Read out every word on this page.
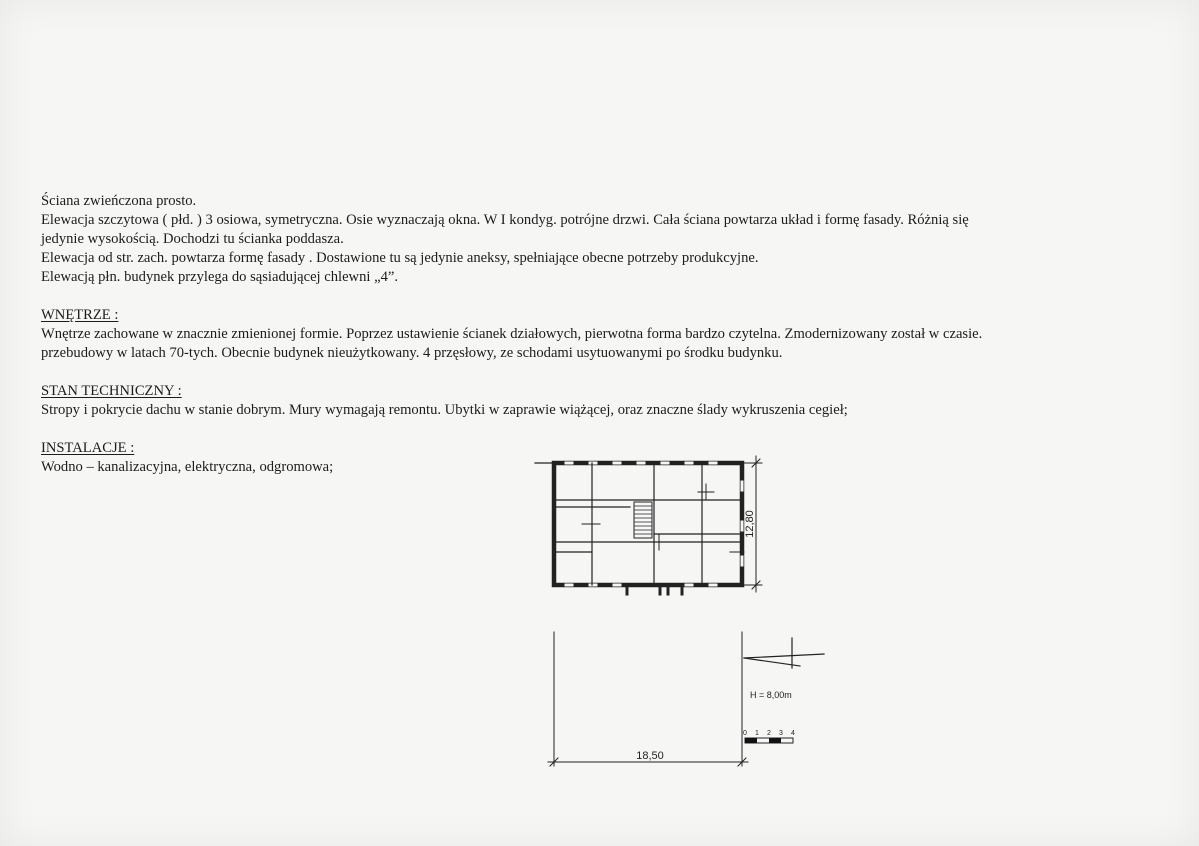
Ściana zwieńczona prosto.

Elewacja szczytowa ( płd. ) 3 osiowa, symetryczna. Osie wyznaczają okna. W I kondyg. potrójne drzwi. Cała ściana powtarza układ i formę fasady. Różnią się

jedynie wysokością. Dochodzi tu ścianka poddasza.

Elewacja od str. zach. powtarza formę fasady . Dostawione tu są jedynie aneksy, spełniające obecne potrzeby produkcyjne.

Elewacją płn. budynek przylega do sąsiadującej chlewni „4”.

WNĘTRZE :

Wnętrze zachowane w znacznie zmienionej formie. Poprzez ustawienie ścianek działowych, pierwotna forma bardzo czytelna. Zmodernizowany został w czasie.

przebudowy w latach 70-tych. Obecnie budynek nieużytkowany. 4 przęsłowy, ze schodami usytuowanymi po środku budynku.

STAN TECHNICZNY :

Stropy i pokrycie dachu w stanie dobrym. Mury wymagają remontu. Ubytki w zaprawie wiążącej, oraz znaczne ślady wykruszenia cegieł;

INSTALACJE :

Wodno – kanalizacyjna, elektryczna, odgromowa;

12,80
18,50
H = 8,00m
0 1 2 3 4
